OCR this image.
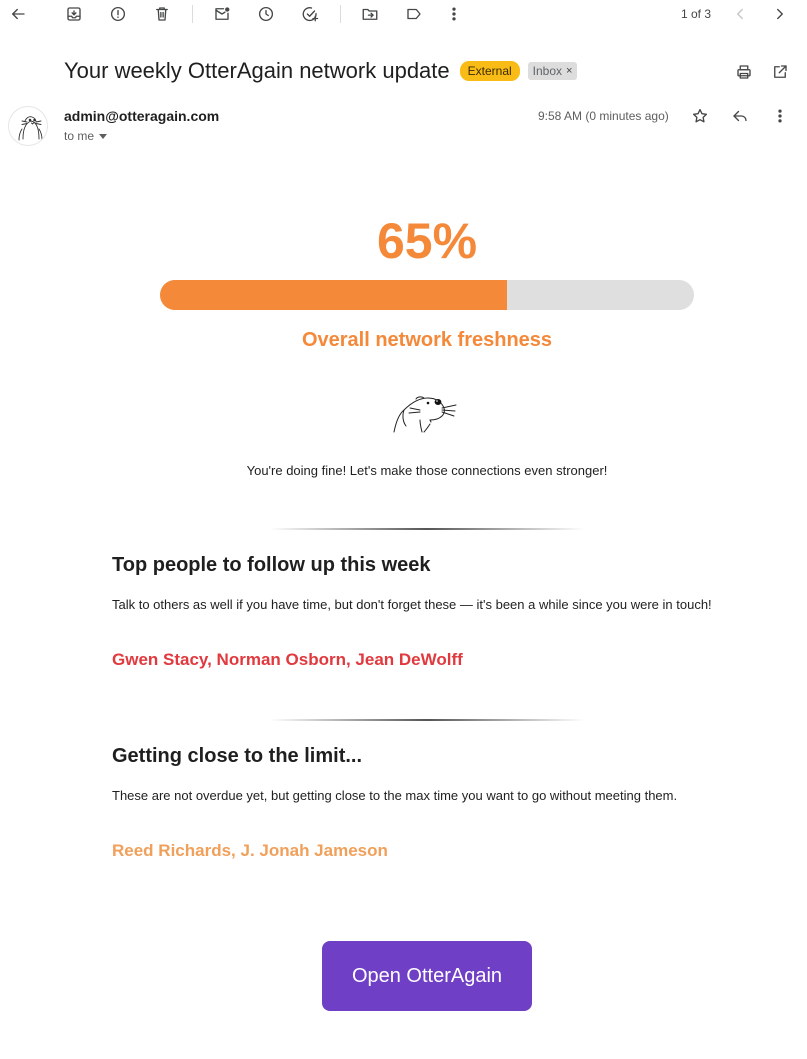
1 of 3
Your weekly OtterAgain network update	External	Inbox ×
admin@otteragain.com
to me
9:58 AM (0 minutes ago)
65%
Overall network freshness
You're doing fine! Let's make those connections even stronger!
Top people to follow up this week
Talk to others as well if you have time, but don't forget these — it's been a while since you were in touch!
Gwen Stacy, Norman Osborn, Jean DeWolff
Getting close to the limit...
These are not overdue yet, but getting close to the max time you want to go without meeting them.
Reed Richards, J. Jonah Jameson
Open OtterAgain
